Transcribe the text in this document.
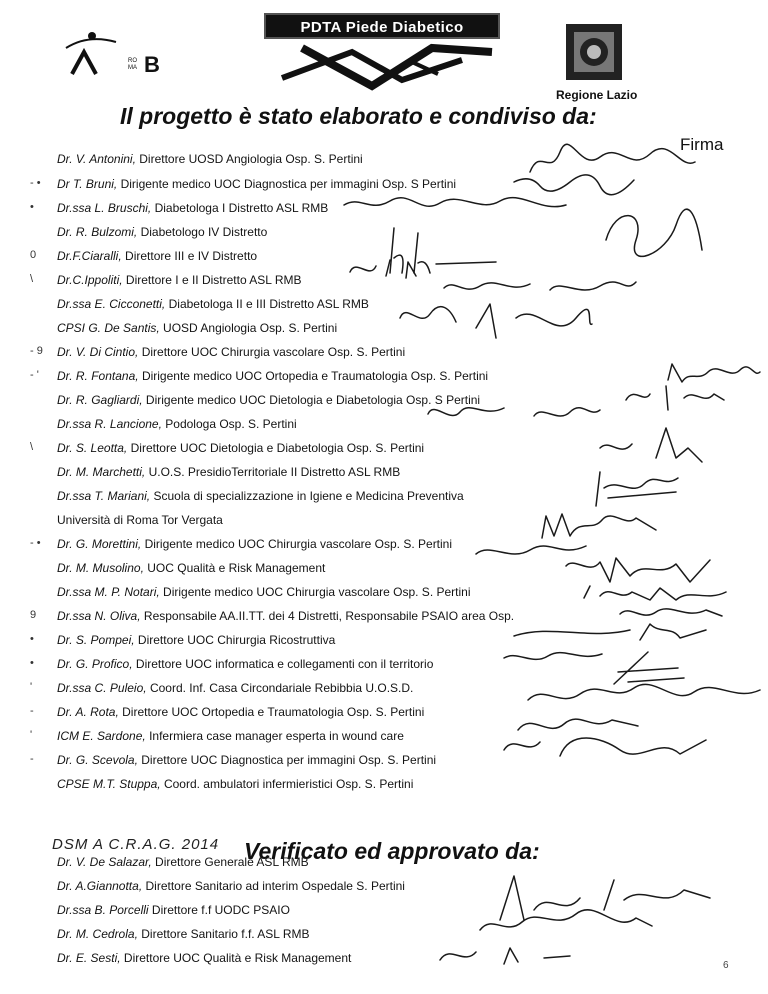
RO
MA B
PDTA Piede Diabetico
Regione Lazio
Il progetto è stato elaborato e condiviso da:
Firma
Dr. V. Antonini, Direttore UOSD Angiologia Osp. S. Pertini
Dr T. Bruni, Dirigente medico UOC Diagnostica per immagini Osp. S Pertini
- •
Dr.ssa L. Bruschi, Diabetologa I Distretto ASL RMB
•
Dr. R. Bulzomi, Diabetologo IV Distretto
Dr.F.Ciaralli, Direttore III e IV Distretto
0
Dr.C.Ippoliti, Direttore I e II Distretto ASL RMB
\
Dr.ssa E. Cicconetti, Diabetologa II e III Distretto ASL RMB
CPSI G. De Santis, UOSD Angiologia Osp. S. Pertini
Dr. V. Di Cintio, Direttore UOC Chirurgia vascolare Osp. S. Pertini
- 9
Dr. R. Fontana, Dirigente medico UOC Ortopedia e Traumatologia Osp. S. Pertini
- '
Dr. R. Gagliardi, Dirigente medico UOC Dietologia e Diabetologia Osp. S Pertini
Dr.ssa R. Lancione, Podologa Osp. S. Pertini
Dr. S. Leotta, Direttore UOC Dietologia e Diabetologia Osp. S. Pertini
\
Dr. M. Marchetti, U.O.S. PresidioTerritoriale II Distretto ASL RMB
Dr.ssa T. Mariani, Scuola di specializzazione in Igiene e Medicina Preventiva
Università di Roma Tor Vergata
Dr. G. Morettini, Dirigente medico UOC Chirurgia vascolare Osp. S. Pertini
- •
Dr. M. Musolino, UOC Qualità e Risk Management
Dr.ssa M. P. Notari, Dirigente medico UOC Chirurgia vascolare Osp. S. Pertini
Dr.ssa N. Oliva, Responsabile AA.II.TT. dei 4 Distretti, Responsabile PSAIO area Osp.
9
Dr. S. Pompei, Direttore UOC Chirurgia Ricostruttiva
•
Dr. G. Profico, Direttore UOC informatica e collegamenti con il territorio
•
Dr.ssa C. Puleio, Coord. Inf. Casa Circondariale Rebibbia U.O.S.D.
'
Dr. A. Rota, Direttore UOC Ortopedia e Traumatologia Osp. S. Pertini
-
ICM E. Sardone, Infermiera case manager esperta in wound care
'
Dr. G. Scevola, Direttore UOC Diagnostica per immagini Osp. S. Pertini
-
CPSE M.T. Stuppa, Coord. ambulatori infermieristici Osp. S. Pertini
DSM A C.R.A.G. 2014 Verificato ed approvato da:
Dr. V. De Salazar, Direttore Generale ASL RMB
Dr. A.Giannotta, Direttore Sanitario ad interim Ospedale S. Pertini
Dr.ssa B. Porcelli Direttore f.f UODC PSAIO
Dr. M. Cedrola, Direttore Sanitario f.f. ASL RMB
Dr. E. Sesti, Direttore UOC Qualità e Risk Management
6
